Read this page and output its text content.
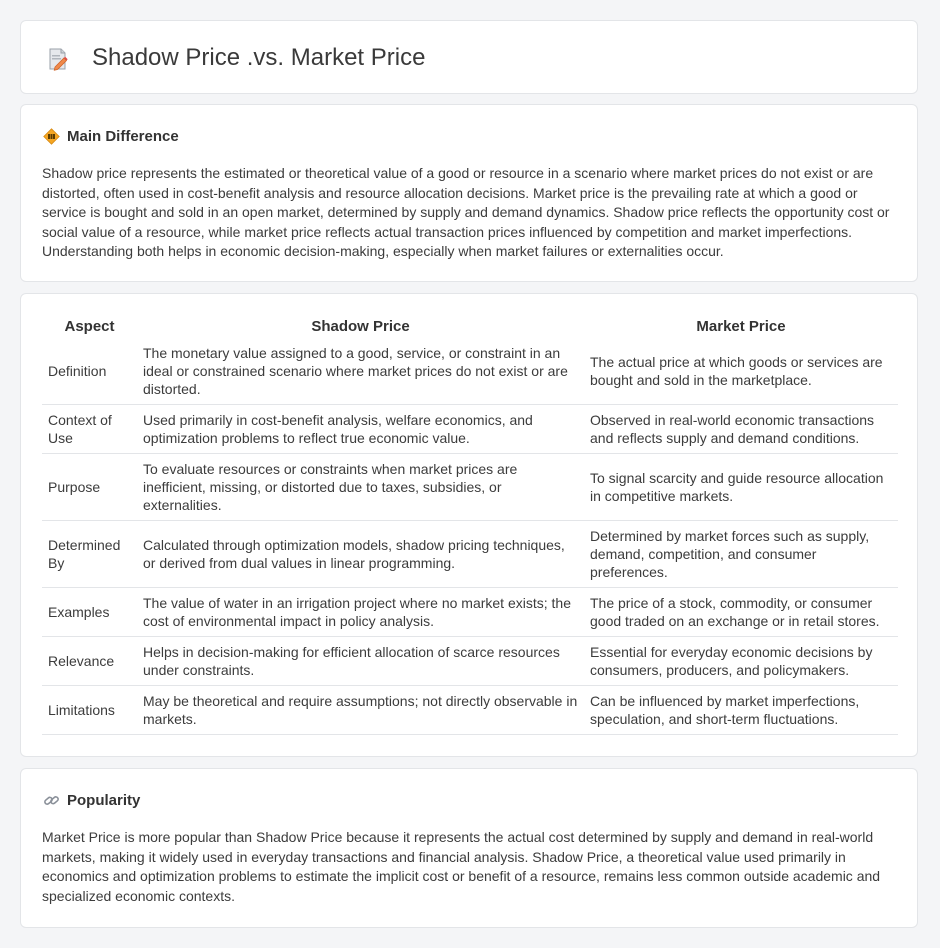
Shadow Price .vs. Market Price
Main Difference

Shadow price represents the estimated or theoretical value of a good or resource in a scenario where market prices do not exist or are distorted, often used in cost-benefit analysis and resource allocation decisions. Market price is the prevailing rate at which a good or service is bought and sold in an open market, determined by supply and demand dynamics. Shadow price reflects the opportunity cost or social value of a resource, while market price reflects actual transaction prices influenced by competition and market imperfections. Understanding both helps in economic decision-making, especially when market failures or externalities occur.

Aspect	Shadow Price	Market Price
Definition	The monetary value assigned to a good, service, or constraint in an ideal or constrained scenario where market prices do not exist or are distorted.	The actual price at which goods or services are bought and sold in the marketplace.
Context of Use	Used primarily in cost-benefit analysis, welfare economics, and optimization problems to reflect true economic value.	Observed in real-world economic transactions and reflects supply and demand conditions.
Purpose	To evaluate resources or constraints when market prices are inefficient, missing, or distorted due to taxes, subsidies, or externalities.	To signal scarcity and guide resource allocation in competitive markets.
Determined By	Calculated through optimization models, shadow pricing techniques, or derived from dual values in linear programming.	Determined by market forces such as supply, demand, competition, and consumer preferences.
Examples	The value of water in an irrigation project where no market exists; the cost of environmental impact in policy analysis.	The price of a stock, commodity, or consumer good traded on an exchange or in retail stores.
Relevance	Helps in decision-making for efficient allocation of scarce resources under constraints.	Essential for everyday economic decisions by consumers, producers, and policymakers.
Limitations	May be theoretical and require assumptions; not directly observable in markets.	Can be influenced by market imperfections, speculation, and short-term fluctuations.
Popularity

Market Price is more popular than Shadow Price because it represents the actual cost determined by supply and demand in real-world markets, making it widely used in everyday transactions and financial analysis. Shadow Price, a theoretical value used primarily in economics and optimization problems to estimate the implicit cost or benefit of a resource, remains less common outside academic and specialized economic contexts.
